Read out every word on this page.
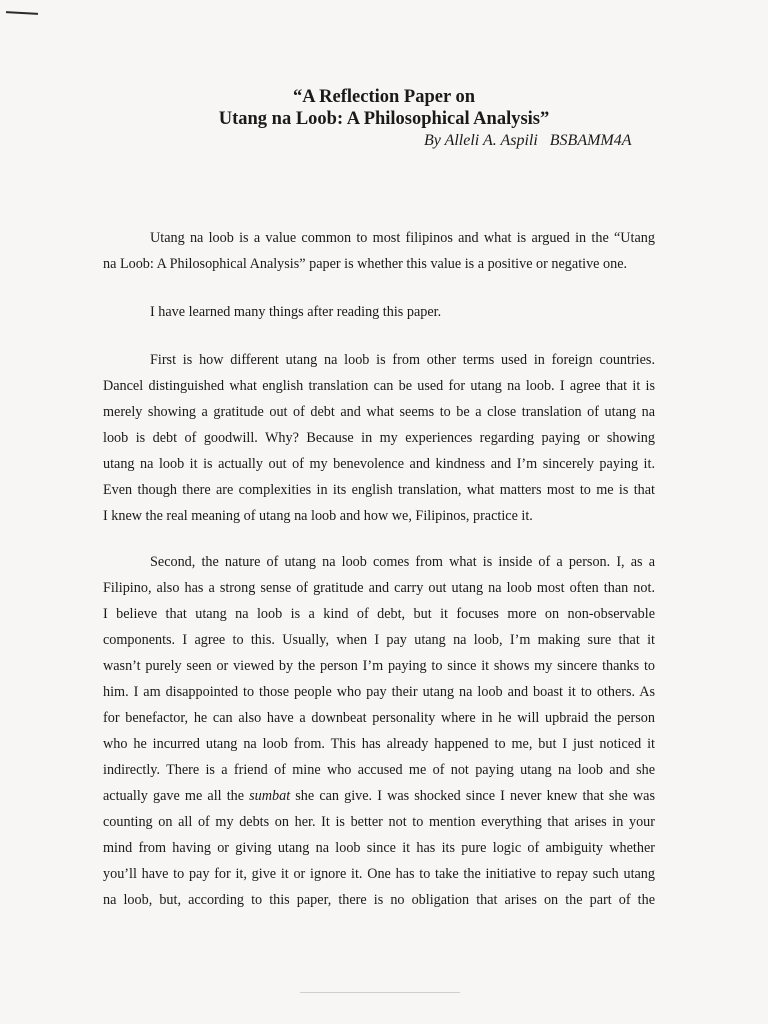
“A Reflection Paper on
Utang na Loob: A Philosophical Analysis”
By Alleli A. Aspili   BSBAMM4A
Utang na loob is a value common to most filipinos and what is argued in the “Utang
na Loob: A Philosophical Analysis” paper is whether this value is a positive or negative one.
I have learned many things after reading this paper.
First is how different utang na loob is from other terms used in foreign countries.
Dancel distinguished what english translation can be used for utang na loob. I agree that it is
merely showing a gratitude out of debt and what seems to be a close translation of utang na
loob is debt of goodwill. Why? Because in my experiences regarding paying or showing
utang na loob it is actually out of my benevolence and kindness and I’m sincerely paying it.
Even though there are complexities in its english translation, what matters most to me is that
I knew the real meaning of utang na loob and how we, Filipinos, practice it.
Second, the nature of utang na loob comes from what is inside of a person. I, as a
Filipino, also has a strong sense of gratitude and carry out utang na loob most often than not.
I believe that utang na loob is a kind of debt, but it focuses more on non-observable
components. I agree to this. Usually, when I pay utang na loob, I’m making sure that it
wasn’t purely seen or viewed by the person I’m paying to since it shows my sincere thanks to
him. I am disappointed to those people who pay their utang na loob and boast it to others. As
for benefactor, he can also have a downbeat personality where in he will upbraid the person
who he incurred utang na loob from. This has already happened to me, but I just noticed it
indirectly. There is a friend of mine who accused me of not paying utang na loob and she
actually gave me all the sumbat she can give. I was shocked since I never knew that she was
counting on all of my debts on her. It is better not to mention everything that arises in your
mind from having or giving utang na loob since it has its pure logic of ambiguity whether
you’ll have to pay for it, give it or ignore it. One has to take the initiative to repay such utang
na loob, but, according to this paper, there is no obligation that arises on the part of the
